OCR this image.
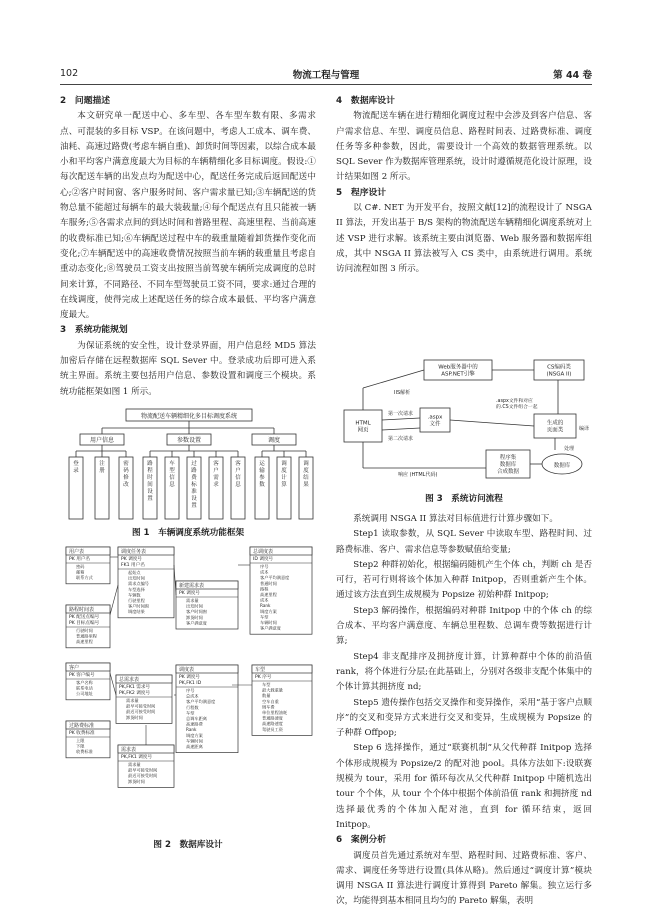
102	物流工程与管理	第 44 卷

2　问题描述

本文研究单一配送中心、多车型、各车型车数有限、多需求点、可混装的多目标 VSP。在该问题中，考虑人工成本、调车费、油耗、高速过路费(考虑车辆自重)、卸货时间等因素，以综合成本最小和平均客户满意度最大为目标的车辆精细化多目标调度。假设:①每次配送车辆的出发点均为配送中心，配送任务完成后返回配送中心;②客户时间窗、客户服务时间、客户需求量已知;③车辆配送的货物总量不能超过每辆车的最大装载量;④每个配送点有且只能被一辆车服务;⑤各需求点间的到达时间和普路里程、高速里程、当前高速的收费标准已知;⑥车辆配送过程中车的载重量随着卸货操作变化而变化;⑦车辆配送中的高速收费情况按照当前车辆的载重量且考虑自重动态变化;⑧驾驶员工资支出按照当前驾驶车辆所完成调度的总时间来计算，不同路径、不同车型驾驶员工资不同，要求:通过合理的在线调度，使得完成上述配送任务的综合成本最低、平均客户满意度最大。

3　系统功能规划

为保证系统的安全性，设计登录界面，用户信息经 MD5 算法加密后存储在远程数据库 SQL Sever 中。登录成功后即可进入系统主界面。系统主要包括用户信息、参数设置和调度三个模块。系统功能框架如图 1 所示。

物流配送车辆精细化多目标调度系统
用户信息	参数设置	调度
登
录
注
册
密
码
修
改
路
程
时
间
设
置
车
型
信
息
过
路
费
标
准
设
置
客
户
需
求
客
户
信
息
运
输
参
数
调
度
计
算
调
度
结
果
图 1　车辆调度系统功能框架
用户表
PK 用户名
密码
邮箱
联系方式
路程时间表
PK 配送点编号
PK 目标点编号
行驶时间
普通路里程
高速里程
客户
PK 客户编号
客户名称
联系电话
公司地址
过路费标准
PK 收费标准
上限
下限
收费标准
调度任务表
PK 调度号
FK1 用户名
起始点
出发时间
需求点编号
车型选择
车辆数
行驶里程
客户时间窗
调度结果
新建需求表
PK 调度号
需求量
出发时间
客户时间窗
卸货时间
客户满意度
总调度表
ID 调度号
序号
成本
客户平均满意度
普通时间
路程
高速里程
成本
Rank
调度方案
车型
车辆时间
客户满意度
总需求表
PK,FK1 需求号
PK,FK2 调度号
需求量
最早可接受时间
最迟可接受时间
卸货时间
调度表
PK 调度号
PK,FK1 ID
序号
总成本
客户平均满意度
行程数
车型
总调车距离
高速路费
Rank
调度方案
车辆时间
高速距离
车型
PK 序号
车型
最大载重量
数量
空车自重
调车费
单位里程油耗
普通路速度
高速路速度
驾驶员工资
需求表
PK,FK1 调度号
需求量
最早可接受时间
最迟可接受时间
卸货时间
图 2　数据库设计

4　数据库设计

物流配送车辆在进行精细化调度过程中会涉及到客户信息、客户需求信息、车型、调度员信息、路程时间表、过路费标准、调度任务等多种参数，因此，需要设计一个高效的数据管理系统。以 SQL Sever 作为数据库管理系统，设计时遵循规范化设计原理，设计结果如图 2 所示。

5　程序设计

以 C#. NET 为开发平台，按照文献[12]的流程设计了 NSGA II 算法，开发出基于 B/S 架构的物流配送车辆精细化调度系统对上述 VSP 进行求解。该系统主要由浏览器、Web 服务器和数据库组成，其中 NSGA II 算法被写入 CS 类中，由系统进行调用。系统访问流程如图 3 所示。

Web服务器中的
ASP.NET引擎
CS编码类
(NSGA II)
HTML
网页
.aspx
文件	生成的
页面类
程序集
数据库
合成数据
数据库
IIS解析
第一次请求
第二次请求
.aspx文件和对应
的.CS文件组合一起
编译
响应 (HTML代码)
处理
图 3　系统访问流程

系统调用 NSGA II 算法对目标值进行计算步骤如下。

Step1 读取参数，从 SQL Sever 中读取车型、路程时间、过路费标准、客户、需求信息等参数赋值给变量;

Step2 种群初始化，根据编码随机产生个体 ch，判断 ch 是否可行，若可行则将该个体加入种群 Initpop，否则重新产生个体。通过该方法直到生成规模为 Popsize 初始种群 Initpop;

Step3 解码操作，根据编码对种群 Initpop 中的个体 ch 的综合成本、平均客户满意度、车辆总里程数、总调车费等数据进行计算;

Step4 非支配排序及拥挤度计算，计算种群中个体的前沿值 rank，将个体进行分层;在此基础上，分别对各级非支配个体集中的个体计算其拥挤度 nd;

Step5 遗传操作包括交叉操作和变异操作，采用“基于客户点顺序”的交叉和变异方式来进行交叉和变异，生成规模为 Popsize 的子种群 Offpop;

Step 6 选择操作，通过“联赛机制”从父代种群 Initpop 选择个体形成规模为 Popsize/2 的配对池 pool。具体方法如下:设联赛规模为 tour，采用 for 循环每次从父代种群 Initpop 中随机选出 tour 个个体，从 tour 个个体中根据个体前沿值 rank 和拥挤度 nd 选择最优秀的个体加入配对池，直到 for 循环结束，返回 Initpop。

6　案例分析

调度员首先通过系统对车型、路程时间、过路费标准、客户、需求、调度任务等进行设置(具体从略)。然后通过“调度计算”模块调用 NSGA II 算法进行调度计算得到 Pareto 解集。独立运行多次，均能得到基本相同且均匀的 Pareto 解集，表明
